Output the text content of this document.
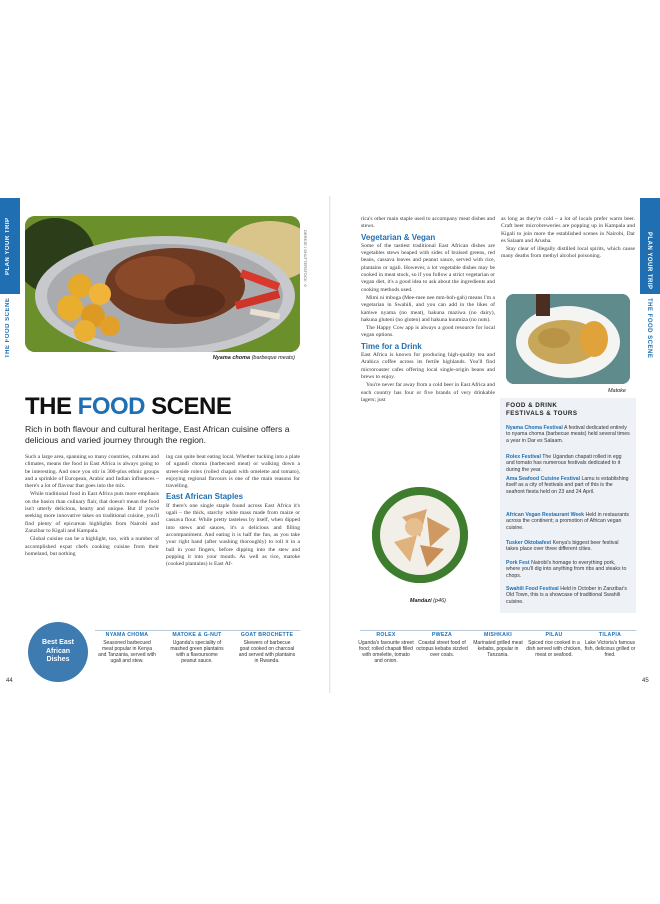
PLAN YOUR TRIP
THE FOOD SCENE
DEREJE / SHUTTERSTOCK ©
Nyama choma (barbeque meats)
THE FOOD SCENE
Rich in both flavour and cultural heritage, East African cuisine offers a delicious and varied journey through the region.

Such a large area, spanning so many countries, cultures and climates, means the food in East Africa is always going to be interesting. And once you stir in 300-plus ethnic groups and a sprinkle of European, Arabic and Indian influences – there's a lot of flavour that goes into the mix.

While traditional food in East Africa puts more emphasis on the basics than culinary flair, that doesn't mean the food isn't utterly delicious, hearty and unique. But if you're seeking more innovative takes on traditional cuisine, you'll find plenty of epicurean highlights from Nairobi and Zanzibar to Kigali and Kampala.

Global cuisine can be a highlight, too, with a number of accomplished expat chefs cooking cuisine from their homeland, but nothing

ing can quite beat eating local. Whether tucking into a plate of ugandi choma (barbecued meat) or walking down a street-side rolex (rolled chapati with omelette and tomato), enjoying regional flavours is one of the main reasons for travelling.

East African Staples

If there's one single staple found across East Africa it's ugali – the thick, starchy white mass made from maize or cassava flour. While pretty tasteless by itself, when dipped into stews and sauces, it's a delicious and filling accompaniment. And eating it is half the fun, as you take your right hand (after washing thoroughly) to roll it in a ball in your fingers, before dipping into the stew and popping it into your mouth. As well as rice, matoke (cooked plantains) is East Af-

Best East African Dishes
NYAMA CHOMA
Seasoned barbecued meat popular in Kenya and Tanzania, served with ugali and stew.
MATOKE & G-NUT
Uganda's speciality of mashed green plantains with a flavoursome peanut sauce.
GOAT BROCHETTE
Skewers of barbecue goat cooked on charcoal and served with plantains in Rwanda.
44
PLAN YOUR TRIP
THE FOOD SCENE

rica's other main staple used to accompany meat dishes and stews.

Vegetarian & Vegan

Some of the tastiest traditional East African dishes are vegetables stews heaped with sides of braised greens, red beans, cassava leaves and peanut sauce, served with rice, plantains or ugali. However, a lot vegetable dishes may be cooked in meat stock, so if you follow a strict vegetarian or vegan diet, it's a good idea to ask about the ingredients and cooking methods used.

Mimi ni mboga (Mee-mee nee mm-boh-gah) means I'm a vegetarian in Swahili, and you can add in the likes of kamwe nyama (no meat), hakuna maziwa (no dairy), hakuna gluteni (no gluten) and hakuna kuumiza (no nuts).

The Happy Cow app is always a good resource for local vegan options.

Time for a Drink

East Africa is known for producing high-quality tea and Arabica coffee across its fertile highlands. You'll find microroaster cafes offering local single-origin beans and brews to enjoy.

You're never far away from a cold beer in East Africa and each country has four or five brands of very drinkable lagers; just

Mandazi (p46)

as long as they're cold – a lot of locals prefer warm beer. Craft beer microbreweries are popping up in Kampala and Kigali to join more the established scenes in Nairobi, Dar es Salaam and Arusha.

Stay clear of illegally distilled local spirits, which cause many deaths from methyl alcohol poisoning.

Matoke
FOOD & DRINK
FESTIVALS & TOURS
Nyama Choma Festival A festival dedicated entirely to nyama choma (barbecue meats) held several times a year in Dar es Salaam.
Rolex Festival The Ugandan chapati rolled in egg and tomato has numerous festivals dedicated to it during the year.
Ama Seafood Cuisine Festival Lamu is establishing itself as a city of festivals and part of this is the seafront fiesta held on 23 and 24 April.
African Vegan Restaurant Week Held in restaurants across the continent; a promotion of African vegan cuisine.
Tusker Oktobafest Kenya's biggest beer festival takes place over three different cities.
Pork Fest Nairobi's homage to everything pork, where you'll dig into anything from ribs and steaks to chops.
Swahili Food Festival Held in October in Zanzibar's Old Town, this is a showcase of traditional Swahili cuisine.
ROLEX
Uganda's favourite street food; rolled chapati filled with omelette, tomato and onion.
PWEZA
Coastal street food of octopus kebabs sizzled over coals.
MISHKAKI
Marinated grilled meat kebabs, popular in Tanzania.
PILAU
Spiced rice cooked in a dish served with chicken, meat or seafood.
TILAPIA
Lake Victoria's famous fish, delicious grilled or fried.
45
